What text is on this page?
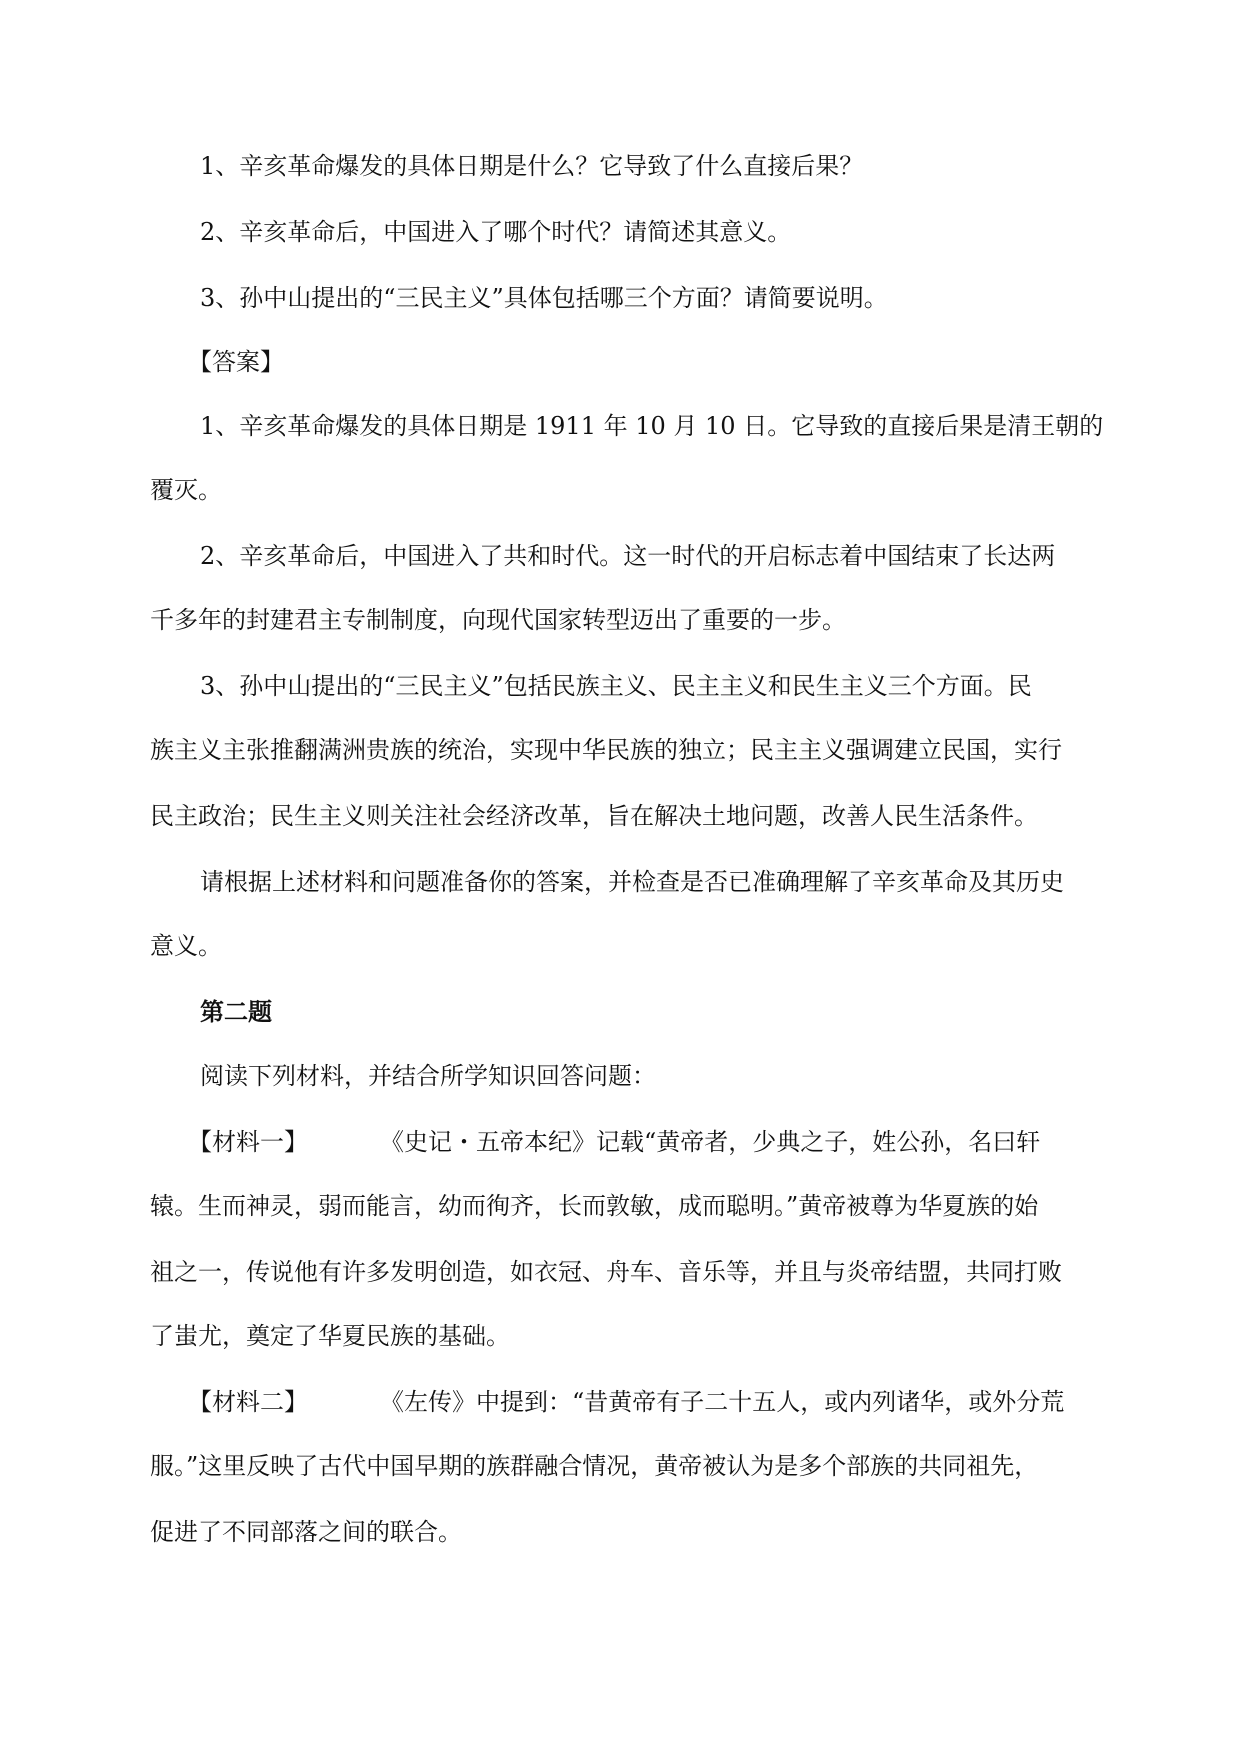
1、辛亥革命爆发的具体日期是什么？它导致了什么直接后果？
2、辛亥革命后，中国进入了哪个时代？请简述其意义。
3、孙中山提出的“三民主义”具体包括哪三个方面？请简要说明。
【答案】
1、辛亥革命爆发的具体日期是 1911 年 10 月 10 日。它导致的直接后果是清王朝的
覆灭。
2、辛亥革命后，中国进入了共和时代。这一时代的开启标志着中国结束了长达两
千多年的封建君主专制制度，向现代国家转型迈出了重要的一步。
3、孙中山提出的“三民主义”包括民族主义、民主主义和民生主义三个方面。民
族主义主张推翻满洲贵族的统治，实现中华民族的独立；民主主义强调建立民国，实行
民主政治；民生主义则关注社会经济改革，旨在解决土地问题，改善人民生活条件。
请根据上述材料和问题准备你的答案，并检查是否已准确理解了辛亥革命及其历史
意义。
第二题
阅读下列材料，并结合所学知识回答问题：
【材料一】	《史记・五帝本纪》记载“黄帝者，少典之子，姓公孙，名曰轩
辕。生而神灵，弱而能言，幼而徇齐，长而敦敏，成而聪明。”黄帝被尊为华夏族的始
祖之一，传说他有许多发明创造，如衣冠、舟车、音乐等，并且与炎帝结盟，共同打败
了蚩尤，奠定了华夏民族的基础。
【材料二】	《左传》中提到：“昔黄帝有子二十五人，或内列诸华，或外分荒
服。”这里反映了古代中国早期的族群融合情况，黄帝被认为是多个部族的共同祖先，
促进了不同部落之间的联合。
